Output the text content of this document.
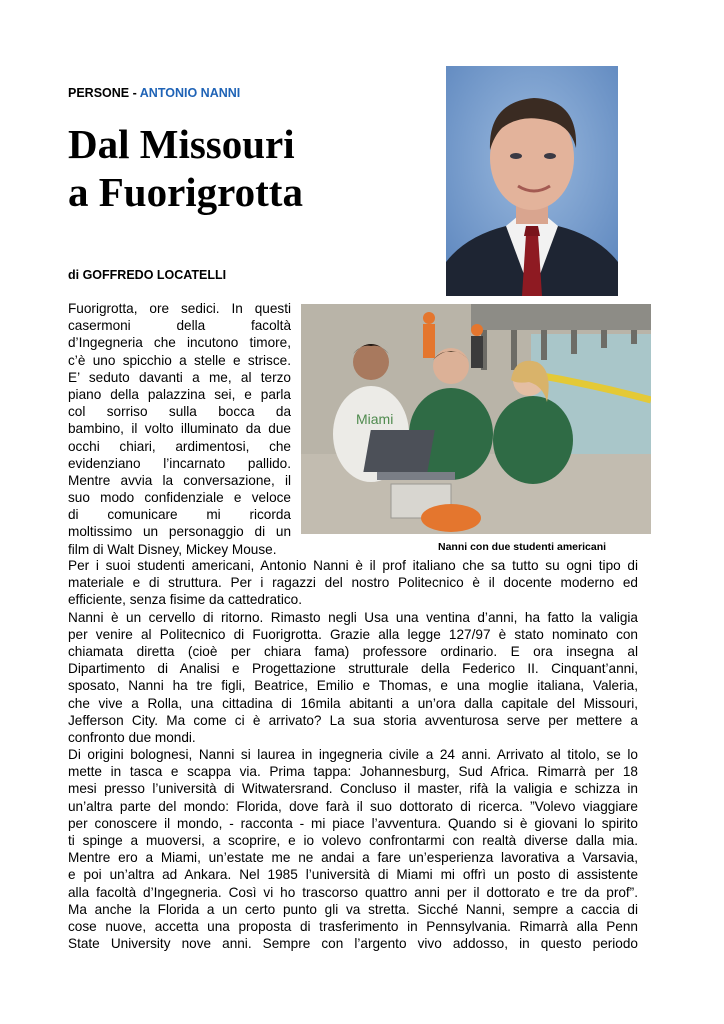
PERSONE - ANTONIO NANNI
Dal Missouri
a Fuorigrotta
di GOFFREDO LOCATELLI
Miami
Nanni con due studenti americani
Fuorigrotta, ore sedici. In questi
casermoni della facoltà
d’Ingegneria che incutono timore,
c’è uno spicchio a stelle e strisce.
E’ seduto davanti a me, al terzo
piano della palazzina sei, e parla
col sorriso sulla bocca da
bambino, il volto illuminato da due
occhi chiari, ardimentosi, che
evidenziano l’incarnato pallido.
Mentre avvia la conversazione, il
suo modo confidenziale e veloce
di comunicare mi ricorda
moltissimo un personaggio di un
film di Walt Disney, Mickey Mouse.
Per i suoi studenti americani, Antonio Nanni è il prof italiano che sa tutto su ogni tipo di
materiale e di struttura. Per i ragazzi del nostro Politecnico è il docente moderno ed
efficiente, senza fisime da cattedratico.
Nanni è un cervello di ritorno. Rimasto negli Usa una ventina d’anni, ha fatto la valigia
per venire al Politecnico di Fuorigrotta. Grazie alla legge 127/97 è stato nominato con
chiamata diretta (cioè per chiara fama) professore ordinario. E ora insegna al
Dipartimento di Analisi e Progettazione strutturale della Federico II. Cinquant’anni,
sposato, Nanni ha tre figli, Beatrice, Emilio e Thomas, e una moglie italiana, Valeria,
che vive a Rolla, una cittadina di 16mila abitanti a un’ora dalla capitale del Missouri,
Jefferson City. Ma come ci è arrivato? La sua storia avventurosa serve per mettere a
confronto due mondi.
Di origini bolognesi, Nanni si laurea in ingegneria civile a 24 anni. Arrivato al titolo, se lo
mette in tasca e scappa via. Prima tappa: Johannesburg, Sud Africa. Rimarrà per 18
mesi presso l’università di Witwatersrand. Concluso il master, rifà la valigia e schizza in
un’altra parte del mondo: Florida, dove farà il suo dottorato di ricerca. ”Volevo viaggiare
per conoscere il mondo, - racconta - mi piace l’avventura. Quando si è giovani lo spirito
ti spinge a muoversi, a scoprire, e io volevo confrontarmi con realtà diverse dalla mia.
Mentre ero a Miami, un’estate me ne andai a fare un’esperienza lavorativa a Varsavia,
e poi un’altra ad Ankara. Nel 1985 l’università di Miami mi offrì un posto di assistente
alla facoltà d’Ingegneria. Così vi ho trascorso quattro anni per il dottorato e tre da prof”.
Ma anche la Florida a un certo punto gli va stretta. Sicché Nanni, sempre a caccia di
cose nuove, accetta una proposta di trasferimento in Pennsylvania. Rimarrà alla Penn
State University nove anni. Sempre con l’argento vivo addosso, in questo periodo
